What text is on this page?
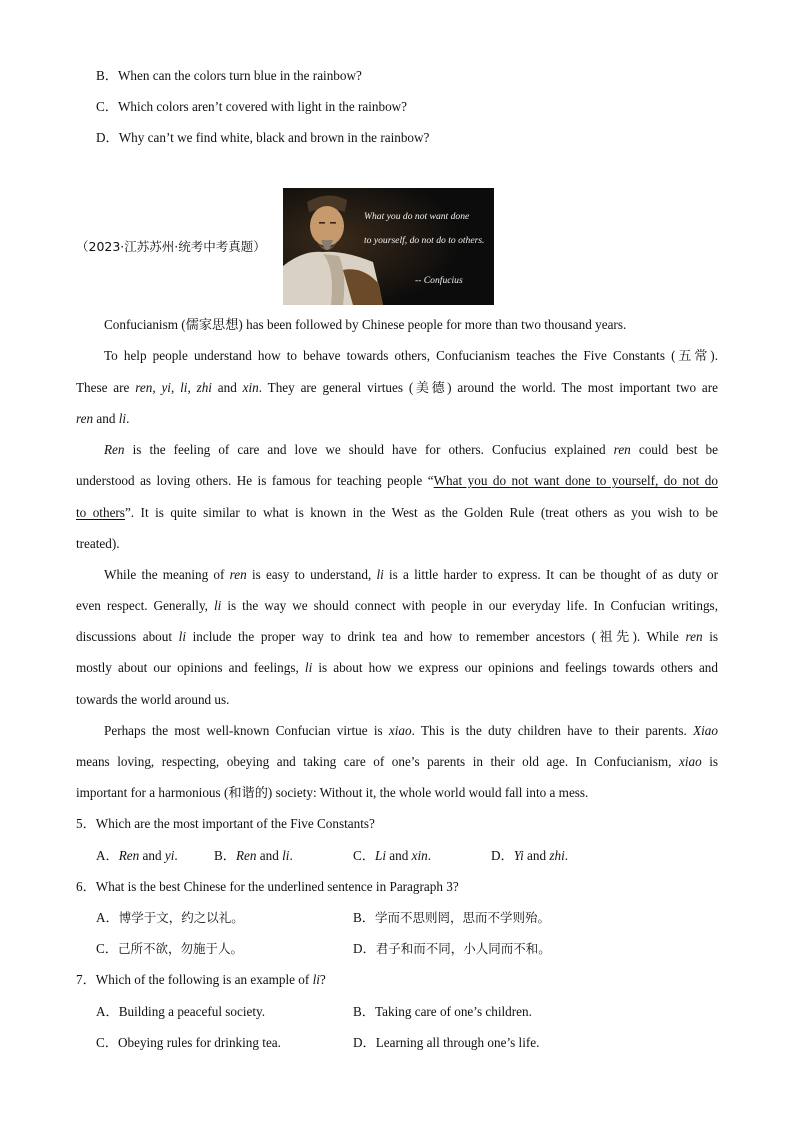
B．When can the colors turn blue in the rainbow?
C．Which colors aren’t covered with light in the rainbow?
D．Why can’t we find white, black and brown in the rainbow?
（2023·江苏苏州·统考中考真题）
What you do not want done
to yourself, do not do to others.
-- Confucius
Confucianism (儒家思想) has been followed by Chinese people for more than two thousand years.
To help people understand how to behave towards others, Confucianism teaches the Five Constants (五常).
These are ren, yi, li, zhi and xin. They are general virtues (美德) around the world. The most important two are
ren and li.
Ren is the feeling of care and love we should have for others. Confucius explained ren could best be
understood as loving others. He is famous for teaching people “What you do not want done to yourself, do not do
to others”. It is quite similar to what is known in the West as the Golden Rule (treat others as you wish to be
treated).
While the meaning of ren is easy to understand, li is a little harder to express. It can be thought of as duty or
even respect. Generally, li is the way we should connect with people in our everyday life. In Confucian writings,
discussions about li include the proper way to drink tea and how to remember ancestors (祖先). While ren is
mostly about our opinions and feelings, li is about how we express our opinions and feelings towards others and
towards the world around us.
Perhaps the most well-known Confucian virtue is xiao. This is the duty children have to their parents. Xiao
means loving, respecting, obeying and taking care of one’s parents in their old age. In Confucianism, xiao is
important for a harmonious (和谐的) society: Without it, the whole world would fall into a mess.
5．Which are the most important of the Five Constants?
A．Ren and yi.	B．Ren and li.	C．Li and xin.	D．Yi and zhi.
6．What is the best Chinese for the underlined sentence in Paragraph 3?
A．博学于文，约之以礼。	B．学而不思则罔，思而不学则殆。
C．己所不欲，勿施于人。	D．君子和而不同，小人同而不和。
7．Which of the following is an example of li?
A．Building a peaceful society.	B．Taking care of one’s children.
C．Obeying rules for drinking tea.	D．Learning all through one’s life.
